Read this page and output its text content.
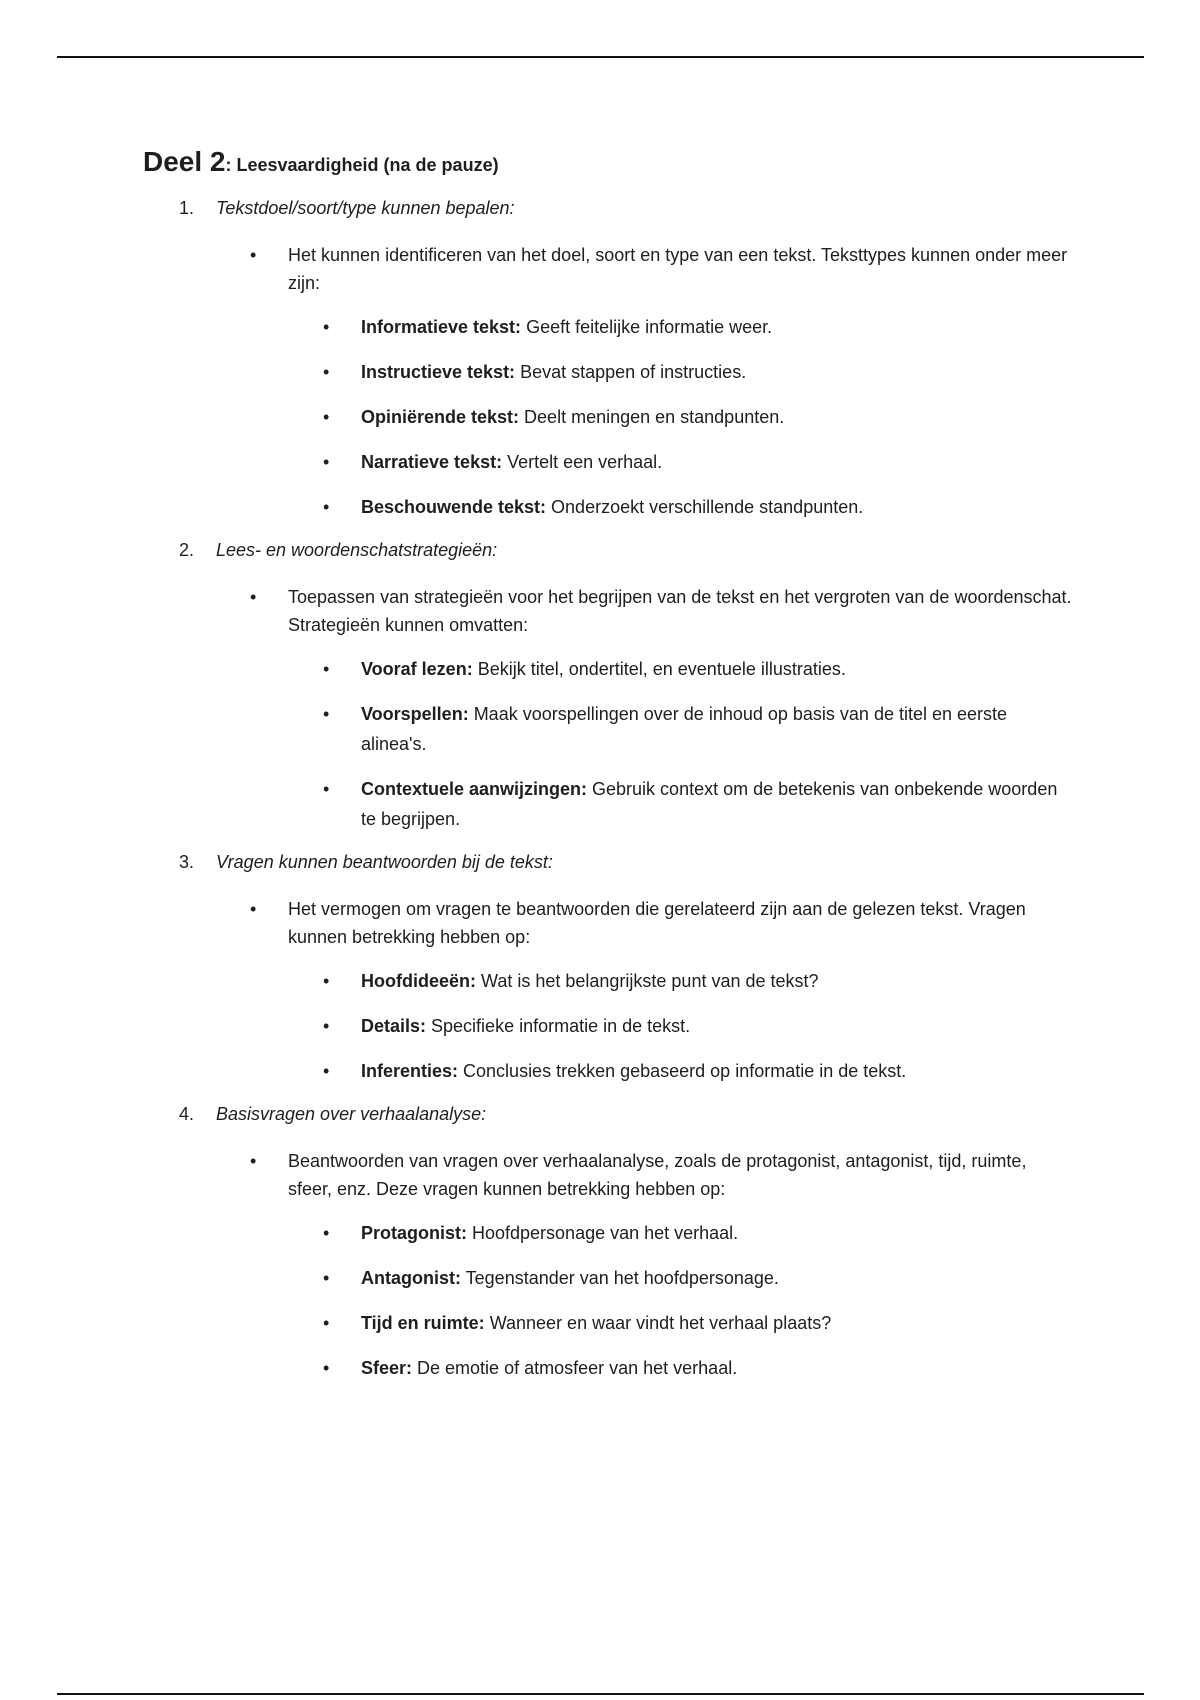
Deel 2: Leesvaardigheid (na de pauze)
1. Tekstdoel/soort/type kunnen bepalen:
• Het kunnen identificeren van het doel, soort en type van een tekst. Teksttypes kunnen onder meer zijn:
• Informatieve tekst: Geeft feitelijke informatie weer.
• Instructieve tekst: Bevat stappen of instructies.
• Opiniërende tekst: Deelt meningen en standpunten.
• Narratieve tekst: Vertelt een verhaal.
• Beschouwende tekst: Onderzoekt verschillende standpunten.
2. Lees- en woordenschatstrategieën:
• Toepassen van strategieën voor het begrijpen van de tekst en het vergroten van de woordenschat. Strategieën kunnen omvatten:
• Vooraf lezen: Bekijk titel, ondertitel, en eventuele illustraties.
• Voorspellen: Maak voorspellingen over de inhoud op basis van de titel en eerste alinea's.
• Contextuele aanwijzingen: Gebruik context om de betekenis van onbekende woorden te begrijpen.
3. Vragen kunnen beantwoorden bij de tekst:
• Het vermogen om vragen te beantwoorden die gerelateerd zijn aan de gelezen tekst. Vragen kunnen betrekking hebben op:
• Hoofdideeën: Wat is het belangrijkste punt van de tekst?
• Details: Specifieke informatie in de tekst.
• Inferenties: Conclusies trekken gebaseerd op informatie in de tekst.
4. Basisvragen over verhaalanalyse:
• Beantwoorden van vragen over verhaalanalyse, zoals de protagonist, antagonist, tijd, ruimte, sfeer, enz. Deze vragen kunnen betrekking hebben op:
• Protagonist: Hoofdpersonage van het verhaal.
• Antagonist: Tegenstander van het hoofdpersonage.
• Tijd en ruimte: Wanneer en waar vindt het verhaal plaats?
• Sfeer: De emotie of atmosfeer van het verhaal.
